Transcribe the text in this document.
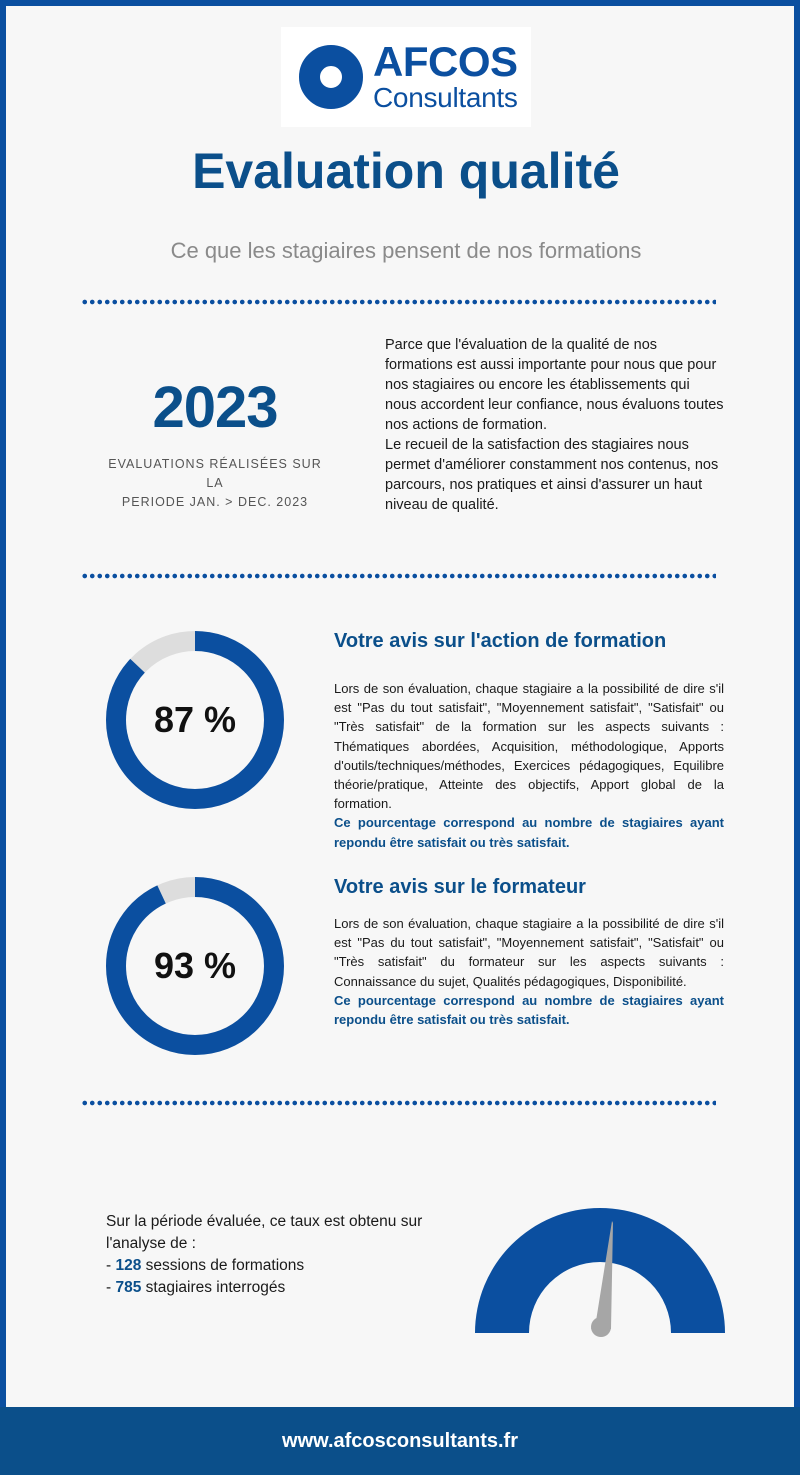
AFCOS
Consultants
Evaluation qualité
Ce que les stagiaires pensent de nos formations
2023
EVALUATIONS RÉALISÉES SUR LA
PERIODE JAN. > DEC. 2023

Parce que l'évaluation de la qualité de nos formations est aussi importante pour nous que pour nos stagiaires ou encore les établissements qui nous accordent leur confiance, nous évaluons toutes nos actions de formation.

Le recueil de la satisfaction des stagiaires nous permet d'améliorer constamment nos contenus, nos parcours, nos pratiques et ainsi d'assurer un haut niveau de qualité.

87 %
Votre avis sur l'action de formation

Lors de son évaluation, chaque stagiaire a la possibilité de dire s'il est "Pas du tout satisfait", "Moyennement satisfait", "Satisfait" ou "Très satisfait" de la formation sur les aspects suivants : Thématiques abordées, Acquisition, méthodologique, Apports d'outils/techniques/méthodes, Exercices pédagogiques, Equilibre théorie/pratique, Atteinte des objectifs, Apport global de la formation.

Ce pourcentage correspond au nombre de stagiaires ayant repondu être satisfait ou très satisfait.

93 %
Votre avis sur le formateur

Lors de son évaluation, chaque stagiaire a la possibilité de dire s'il est "Pas du tout satisfait", "Moyennement satisfait", "Satisfait" ou "Très satisfait" du formateur sur les aspects suivants : Connaissance du sujet, Qualités pédagogiques, Disponibilité.

Ce pourcentage correspond au nombre de stagiaires ayant repondu être satisfait ou très satisfait.

Sur la période évaluée, ce taux est obtenu sur l'analyse de :

- 128 sessions de formations

- 785 stagiaires interrogés

www.afcosconsultants.fr
